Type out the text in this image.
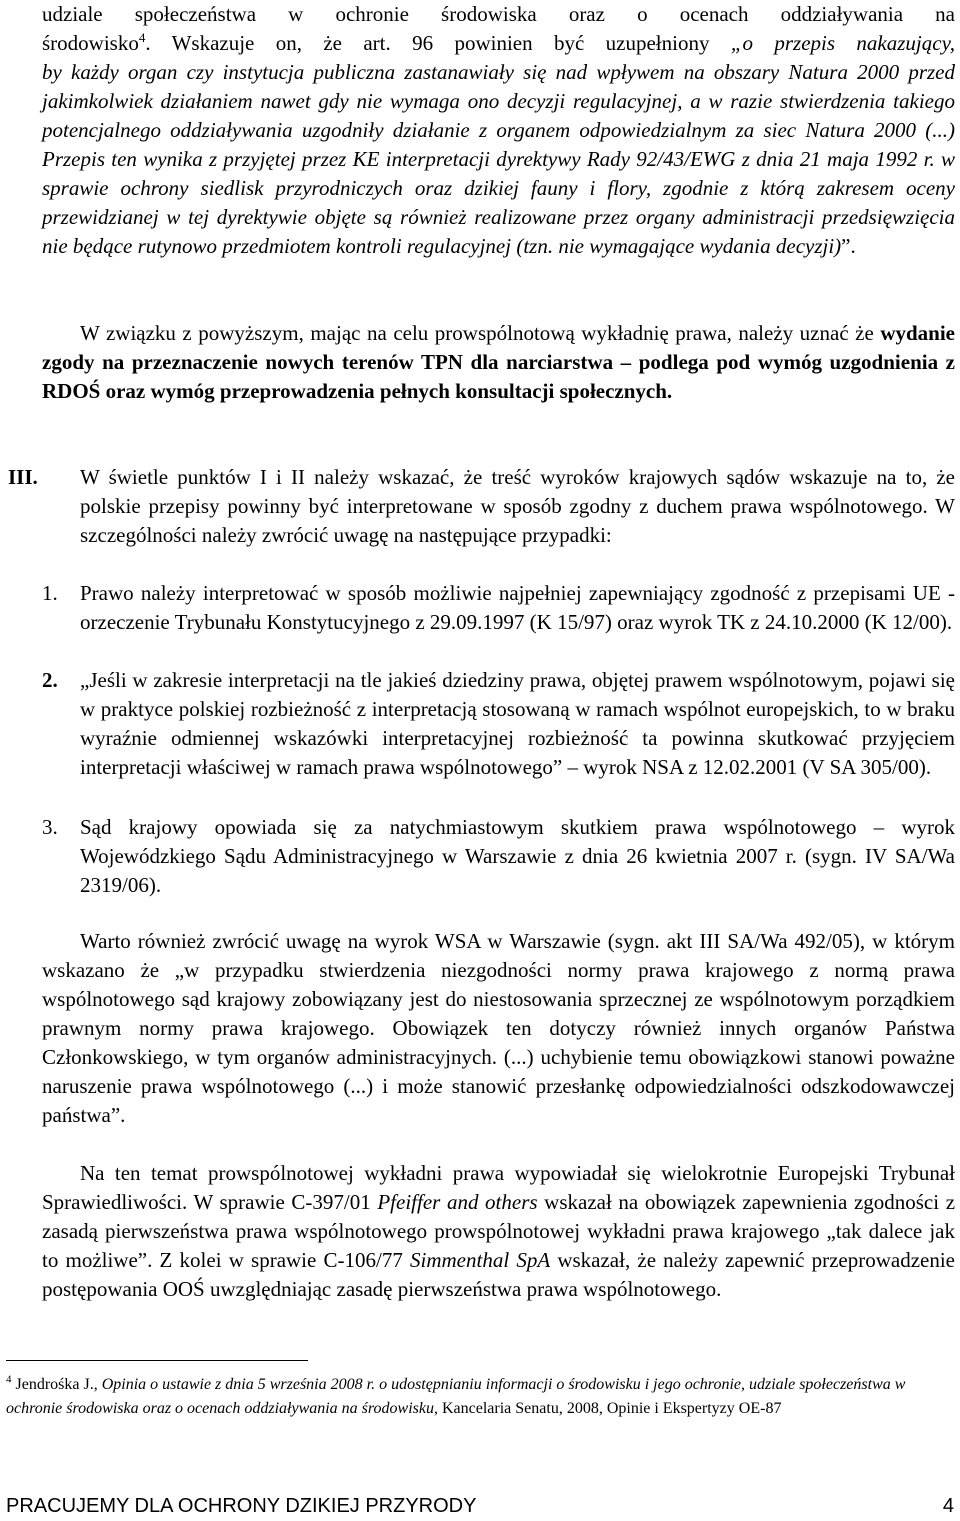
udziale społeczeństwa w ochronie środowiska oraz o ocenach oddziaływania na
środowisko$^4$. Wskazuje on, że art. 96 powinien być uzupełniony „o przepis nakazujący,
by każdy organ czy instytucja publiczna zastanawiały się nad wpływem na obszary Natura 2000 przed jakimkolwiek działaniem nawet gdy nie wymaga ono decyzji regulacyjnej, a w razie stwierdzenia takiego potencjalnego oddziaływania uzgodniły działanie z organem odpowiedzialnym za siec Natura 2000 (...) Przepis ten wynika z przyjętej przez KE interpretacji dyrektywy Rady 92/43/EWG z dnia 21 maja 1992 r. w sprawie ochrony siedlisk przyrodniczych oraz dzikiej fauny i flory, zgodnie z którą zakresem oceny przewidzianej w tej dyrektywie objęte są również realizowane przez organy administracji przedsięwzięcia nie będące rutynowo przedmiotem kontroli regulacyjnej (tzn. nie wymagające wydania decyzji)”.
W związku z powyższym, mając na celu prowspólnotową wykładnię prawa, należy uznać że wydanie zgody na przeznaczenie nowych terenów TPN dla narciarstwa – podlega pod wymóg uzgodnienia z RDOŚ oraz wymóg przeprowadzenia pełnych konsultacji społecznych.
III. W świetle punktów I i II należy wskazać, że treść wyroków krajowych sądów wskazuje na to, że polskie przepisy powinny być interpretowane w sposób zgodny z duchem prawa wspólnotowego. W szczególności należy zwrócić uwagę na następujące przypadki:
1. Prawo należy interpretować w sposób możliwie najpełniej zapewniający zgodność z przepisami UE - orzeczenie Trybunału Konstytucyjnego z 29.09.1997 (K 15/97) oraz wyrok TK z 24.10.2000 (K 12/00).
2. „Jeśli w zakresie interpretacji na tle jakieś dziedziny prawa, objętej prawem wspólnotowym, pojawi się w praktyce polskiej rozbieżność z interpretacją stosowaną w ramach wspólnot europejskich, to w braku wyraźnie odmiennej wskazówki interpretacyjnej rozbieżność ta powinna skutkować przyjęciem interpretacji właściwej w ramach prawa wspólnotowego” – wyrok NSA z 12.02.2001 (V SA 305/00).
3. Sąd krajowy opowiada się za natychmiastowym skutkiem prawa wspólnotowego – wyrok Wojewódzkiego Sądu Administracyjnego w Warszawie z dnia 26 kwietnia 2007 r. (sygn. IV SA/Wa 2319/06).
Warto również zwrócić uwagę na wyrok WSA w Warszawie (sygn. akt III SA/Wa 492/05), w którym wskazano że „w przypadku stwierdzenia niezgodności normy prawa krajowego z normą prawa wspólnotowego sąd krajowy zobowiązany jest do niestosowania sprzecznej ze wspólnotowym porządkiem prawnym normy prawa krajowego. Obowiązek ten dotyczy również innych organów Państwa Członkowskiego, w tym organów administracyjnych. (...) uchybienie temu obowiązkowi stanowi poważne naruszenie prawa wspólnotowego (...) i może stanowić przesłankę odpowiedzialności odszkodowawczej państwa”.
Na ten temat prowspólnotowej wykładni prawa wypowiadał się wielokrotnie Europejski Trybunał Sprawiedliwości. W sprawie C-397/01 Pfeiffer and others wskazał na obowiązek zapewnienia zgodności z zasadą pierwszeństwa prawa wspólnotowego prowspólnotowej wykładni prawa krajowego „tak dalece jak to możliwe”. Z kolei w sprawie C-106/77 Simmenthal SpA wskazał, że należy zapewnić przeprowadzenie postępowania OOŚ uwzględniając zasadę pierwszeństwa prawa wspólnotowego.
$^4$ Jendrośka J., Opinia o ustawie z dnia 5 września 2008 r. o udostępnianiu informacji o środowisku i jego ochronie, udziale społeczeństwa w ochronie środowiska oraz o ocenach oddziaływania na środowisku, Kancelaria Senatu, 2008, Opinie i Ekspertyzy OE-87
PRACUJEMY DLA OCHRONY DZIKIEJ PRZYRODY	4
